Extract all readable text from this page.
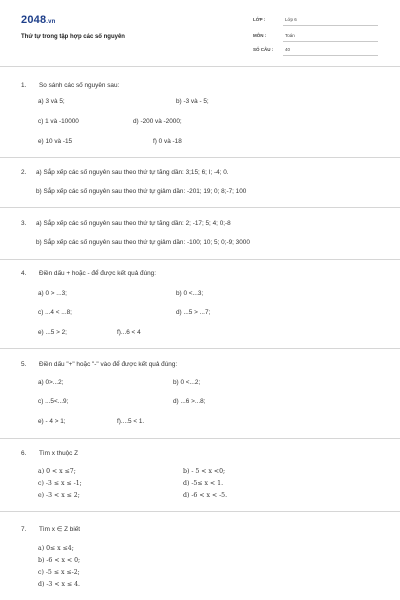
2048.vn
Thứ tự trong tập hợp các số nguyên
LỚP :	Lớp 6
MÔN :	Toán
SỐ CÂU :	40
1. So sánh các số nguyên sau:
a) 3 và 5;	b) -3 và - 5;
c) 1 và -10000	d) -200 và -2000;
e) 10 và -15	f) 0 và -18
2. a) Sắp xếp các số nguyên sau theo thứ tự tăng dần: 3;15; 6; I; -4; 0.
b) Sắp xếp các số nguyên sau theo thứ tự giảm dần: -201; 19; 0; 8;-7; 100
3. a) Sắp xếp các số nguyên sau theo thứ tự tăng dần: 2; -17; 5; 4; 0;-8
b) Sắp xếp các số nguyên sau theo thứ tự giảm dần: -100; 10; 5; 0;-9; 3000
4. Điền dấu + hoặc - để được kết quả đúng:
a) 0 > ...3;	b) 0 <...3;
c) ...4 < ...8;	d) ...5 > ...7;
e) ...5 > 2;	f)...6 < 4
5. Điền dấu "+" hoặc "-" vào để được kết quả đúng:
a) 0>...2;	b) 0 <...2;
c) ...5<...9;	d) ...6 >...8;
e) - 4 > 1;	f)....5 < 1.
6. Tìm x thuộc Z
a) 0 < x ≤7;	b) - 5 < x <0;
c) -3 ≤ x ≤ -1;	d) -5≤ x < 1.
e) -3 < x ≤ 2;	d) -6 < x < -5.
7. Tìm x ∈ Z biết
a) 0≤ x ≤4;
b) -6 < x < 0;
c) -5 ≤ x ≤-2;
d) -3 < x ≤ 4.
